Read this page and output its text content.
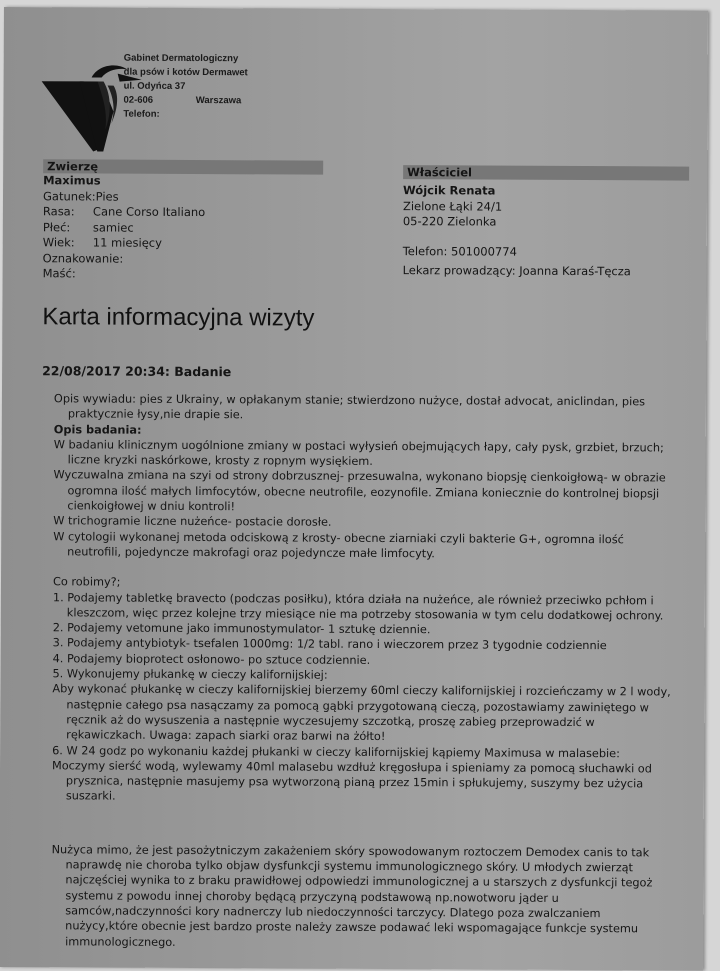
Gabinet Dermatologiczny
dla psów i kotów Dermawet
ul. Odyńca 37
02-606	Warszawa
Telefon:
Zwierzę
Maximus
Gatunek: Pies
Rasa:	Cane Corso Italiano
Płeć:	samiec
Wiek:	11 miesięcy
Oznakowanie:
Maść:
Właściciel
Wójcik Renata
Zielone Łąki 24/1
05-220 Zielonka
Telefon: 501000774
Lekarz prowadzący: Joanna Karaś-Tęcza
Karta informacyjna wizyty
22/08/2017 20:34: Badanie
Opis wywiadu: pies z Ukrainy, w opłakanym stanie; stwierdzono nużyce, dostał advocat, aniclindan, pies praktycznie łysy,nie drapie sie.
Opis badania:
W badaniu klinicznym uogólnione zmiany w postaci wyłysień obejmujących łapy, cały pysk, grzbiet, brzuch; liczne kryzki naskórkowe, krosty z ropnym wysiękiem.
Wyczuwalna zmiana na szyi od strony dobrzusznej- przesuwalna, wykonano biopsję cienkoigłową- w obrazie ogromna ilość małych limfocytów, obecne neutrofile, eozynofile. Zmiana koniecznie do kontrolnej biopsji cienkoigłowej w dniu kontroli!
W trichogramie liczne nużeńce- postacie dorosłe.
W cytologii wykonanej metoda odciskową z krosty- obecne ziarniaki czyli bakterie G+, ogromna ilość neutrofili, pojedyncze makrofagi oraz pojedyncze małe limfocyty.
Co robimy?;
1. Podajemy tabletkę bravecto (podczas posiłku), która działa na nużeńce, ale również przeciwko pchłom i kleszczom, więc przez kolejne trzy miesiące nie ma potrzeby stosowania w tym celu dodatkowej ochrony.
2. Podajemy vetomune jako immunostymulator- 1 sztukę dziennie.
3. Podajemy antybiotyk- tsefalen 1000mg: 1/2 tabl. rano i wieczorem przez 3 tygodnie codziennie
4. Podajemy bioprotect osłonowo- po sztuce codziennie.
5. Wykonujemy płukankę w cieczy kalifornijskiej:
Aby wykonać płukankę w cieczy kalifornijskiej bierzemy 60ml cieczy kalifornijskiej i rozcieńczamy w 2 l wody, następnie całego psa nasączamy za pomocą gąbki przygotowaną cieczą, pozostawiamy zawiniętego w ręcznik aż do wysuszenia a następnie wyczesujemy szczotką, proszę zabieg przeprowadzić w rękawiczkach. Uwaga: zapach siarki oraz barwi na żółto!
6. W 24 godz po wykonaniu każdej płukanki w cieczy kalifornijskiej kąpiemy Maximusa w malasebie:
Moczymy sierść wodą, wylewamy 40ml malasebu wzdłuż kręgosłupa i spieniamy za pomocą słuchawki od prysznica, następnie masujemy psa wytworzoną pianą przez 15min i spłukujemy, suszymy bez użycia suszarki.
Nużyca mimo, że jest pasożytniczym zakażeniem skóry spowodowanym roztoczem Demodex canis to tak naprawdę nie choroba tylko objaw dysfunkcji systemu immunologicznego skóry. U młodych zwierząt najczęściej wynika to z braku prawidłowej odpowiedzi immunologicznej a u starszych z dysfunkcji tegoż systemu z powodu innej choroby będącą przyczyną podstawową np.nowotworu jąder u samców,nadczynności kory nadnerczy lub niedoczynności tarczycy. Dlatego poza zwalczaniem nużycy,które obecnie jest bardzo proste należy zawsze podawać leki wspomagające funkcje systemu immunologicznego.
